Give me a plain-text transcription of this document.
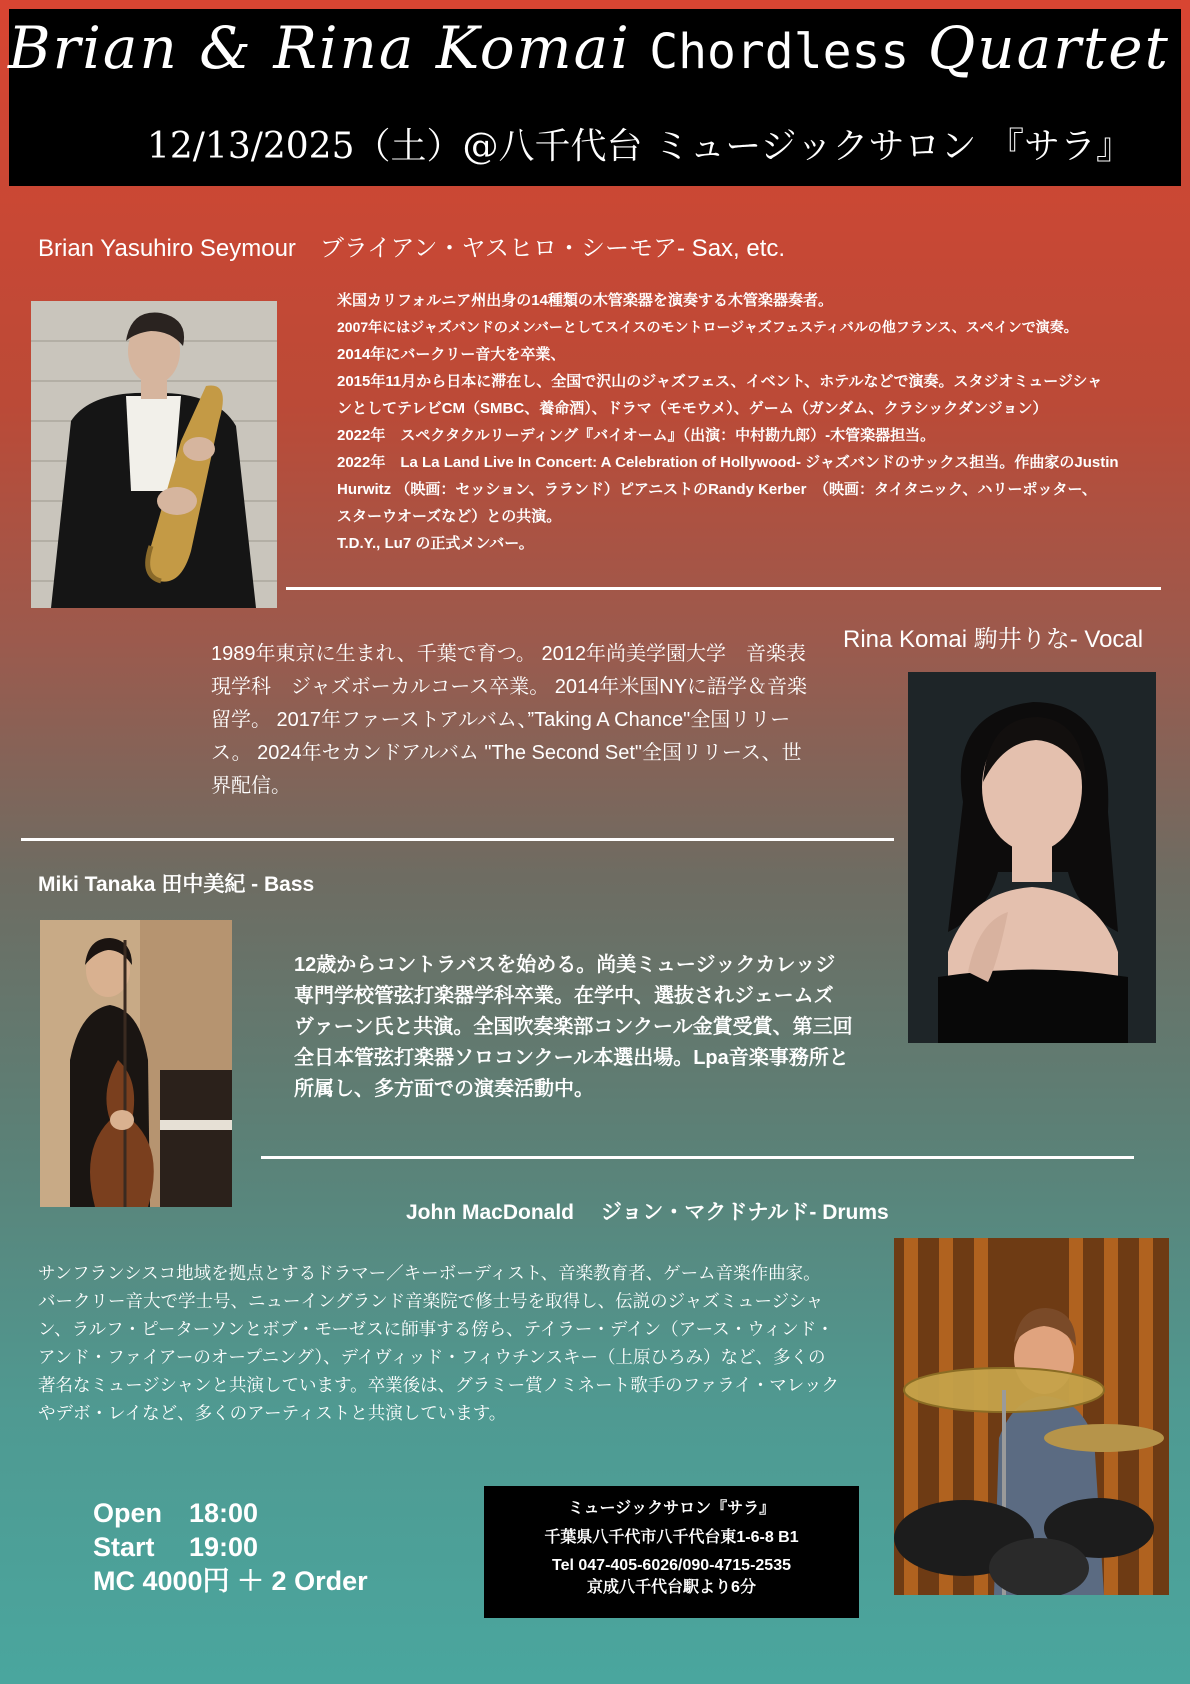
Brian & Rina Komai Chordless Quartet
12/13/2025（土）@八千代台 ミュージックサロン 『サラ』
Brian Yasuhiro Seymour　ブライアン・ヤスヒロ・シーモア- Sax, etc.
米国カリフォルニア州出身の14種類の木管楽器を演奏する木管楽器奏者。
2007年にはジャズバンドのメンバーとしてスイスのモントロージャズフェスティバルの他フランス、スペインで演奏。
2014年にバークリー音大を卒業、
2015年11月から日本に滞在し、全国で沢山のジャズフェス、イベント、ホテルなどで演奏。スタジオミュージシャ
ンとしてテレビCM（SMBC、養命酒）、ドラマ（モモウメ）、ゲーム（ガンダム、クラシックダンジョン）
2022年　スペクタクルリーディング『バイオーム』（出演：中村勘九郎）-木管楽器担当。
2022年　La La Land Live In Concert: A Celebration of Hollywood- ジャズバンドのサックス担当。作曲家のJustin
Hurwitz （映画：セッション、ラランド）ピアニストのRandy Kerber　（映画：タイタニック、ハリーポッター、
スターウオーズなど）との共演。
T.D.Y., Lu7 の正式メンバー。
Rina Komai 駒井りな- Vocal
1989年東京に生まれ、千葉で育つ。 2012年尚美学園大学　音楽表
現学科　ジャズボーカルコース卒業。 2014年米国NYに語学＆音楽
留学。 2017年ファーストアルバム、”Taking A Chance"全国リリー
ス。 2024年セカンドアルバム "The Second Set"全国リリース、世
界配信。
Miki Tanaka 田中美紀 - Bass
12歳からコントラバスを始める。尚美ミュージックカレッジ
専門学校管弦打楽器学科卒業。在学中、選抜されジェームズ
ヴァーン氏と共演。全国吹奏楽部コンクール金賞受賞、第三回
全日本管弦打楽器ソロコンクール本選出場。Lpa音楽事務所と
所属し、多方面での演奏活動中。
John MacDonald　 ジョン・マクドナルド- Drums
サンフランシスコ地域を拠点とするドラマー／キーボーディスト、音楽教育者、ゲーム音楽作曲家。
バークリー音大で学士号、ニューイングランド音楽院で修士号を取得し、伝説のジャズミュージシャ
ン、ラルフ・ピーターソンとボブ・モーゼスに師事する傍ら、テイラー・デイン（アース・ウィンド・
アンド・ファイアーのオープニング）、デイヴィッド・フィウチンスキー（上原ひろみ）など、多くの
著名なミュージシャンと共演しています。卒業後は、グラミー賞ノミネート歌手のファライ・マレック
やデボ・レイなど、多くのアーティストと共演しています。
Open　18:00
Start　 19:00
MC 4000円 ＋ 2 Order
ミュージックサロン『サラ』
千葉県八千代市八千代台東1-6-8 B1
Tel 047-405-6026/090-4715-2535
京成八千代台駅より6分
